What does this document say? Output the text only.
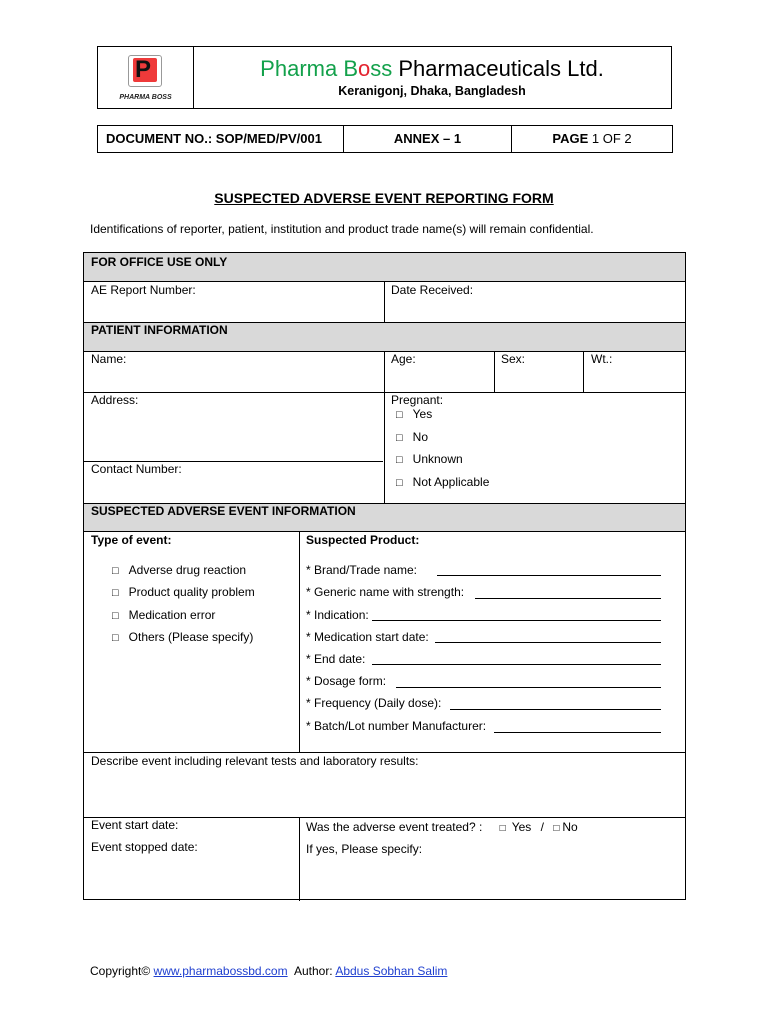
P
PHARMA BOSS
Pharma Boss Pharmaceuticals Ltd.
Keranigonj, Dhaka, Bangladesh
DOCUMENT NO.: SOP/MED/PV/001	ANNEX – 1	PAGE 1 OF 2
SUSPECTED ADVERSE EVENT REPORTING FORM
Identifications of reporter, patient, institution and product trade name(s) will remain confidential.
FOR OFFICE USE ONLY
AE Report Number:	Date Received:
PATIENT INFORMATION
Name:	Age:	Sex:	Wt.:
Address:
Contact Number:
Pregnant:
□ Yes
□ No
□ Unknown
□ Not Applicable
SUSPECTED ADVERSE EVENT INFORMATION
Type of event:
□ Adverse drug reaction
□ Product quality problem
□ Medication error
□ Others (Please specify)
Suspected Product:
* Brand/Trade name:
* Generic name with strength:
* Indication:
* Medication start date:
* End date:
* Dosage form:
* Frequency (Daily dose):
* Batch/Lot number Manufacturer:
Describe event including relevant tests and laboratory results:
Event start date:
Event stopped date:
Was the adverse event treated? : □ Yes / □ No
If yes, Please specify:
Copyright© www.pharmabossbd.com Author: Abdus Sobhan Salim
